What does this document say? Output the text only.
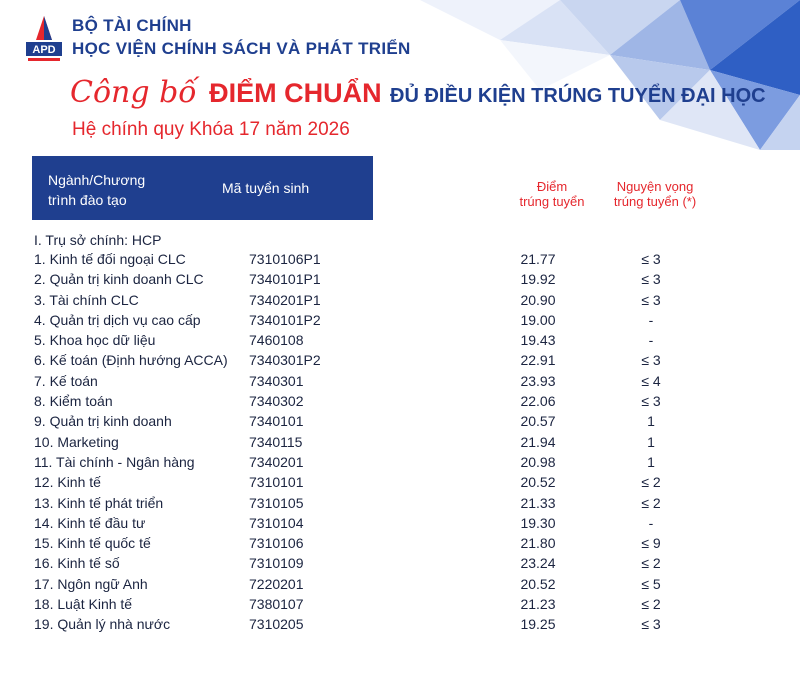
APD
BỘ TÀI CHÍNH
HỌC VIỆN CHÍNH SÁCH VÀ PHÁT TRIỂN
Công bố ĐIỂM CHUẨN ĐỦ ĐIỀU KIỆN TRÚNG TUYỂN ĐẠI HỌC
Hệ chính quy Khóa 17 năm 2026
Ngành/Chương
trình đào tạo
Mã tuyển sinh	Điểm
trúng tuyển
Nguyện vọng
trúng tuyển (*)
I. Trụ sở chính: HCP
1. Kinh tế đối ngoại CLC	7310106P1	21.77	≤ 3
2. Quản trị kinh doanh CLC	7340101P1	19.92	≤ 3
3. Tài chính CLC	7340201P1	20.90	≤ 3
4. Quản trị dịch vụ cao cấp	7340101P2	19.00	-
5. Khoa học dữ liệu	7460108	19.43	-
6. Kế toán (Định hướng ACCA) 7340301P2	22.91	≤ 3
7. Kế toán	7340301	23.93	≤ 4
8. Kiểm toán	7340302	22.06	≤ 3
9. Quản trị kinh doanh	7340101	20.57	1
10. Marketing	7340115	21.94	1
11. Tài chính - Ngân hàng	7340201	20.98	1
12. Kinh tế	7310101	20.52	≤ 2
13. Kinh tế phát triển	7310105	21.33	≤ 2
14. Kinh tế đầu tư	7310104	19.30	-
15. Kinh tế quốc tế	7310106	21.80	≤ 9
16. Kinh tế số	7310109	23.24	≤ 2
17. Ngôn ngữ Anh	7220201	20.52	≤ 5
18. Luật Kinh tế	7380107	21.23	≤ 2
19. Quản lý nhà nước	7310205	19.25	≤ 3
